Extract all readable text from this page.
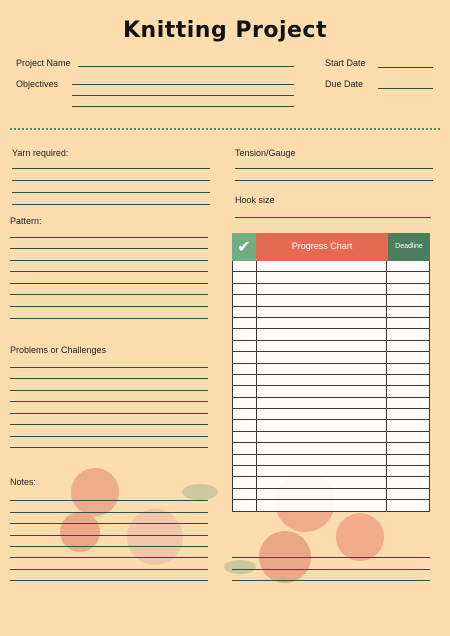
Knitting Project
Project Name
Objectives
Start Date
Due Date
Yarn required:	Tension/Gauge
Hook size
Pattern:
Problems or Challenges
Notes:
✔	Progress Chart	Deadline
